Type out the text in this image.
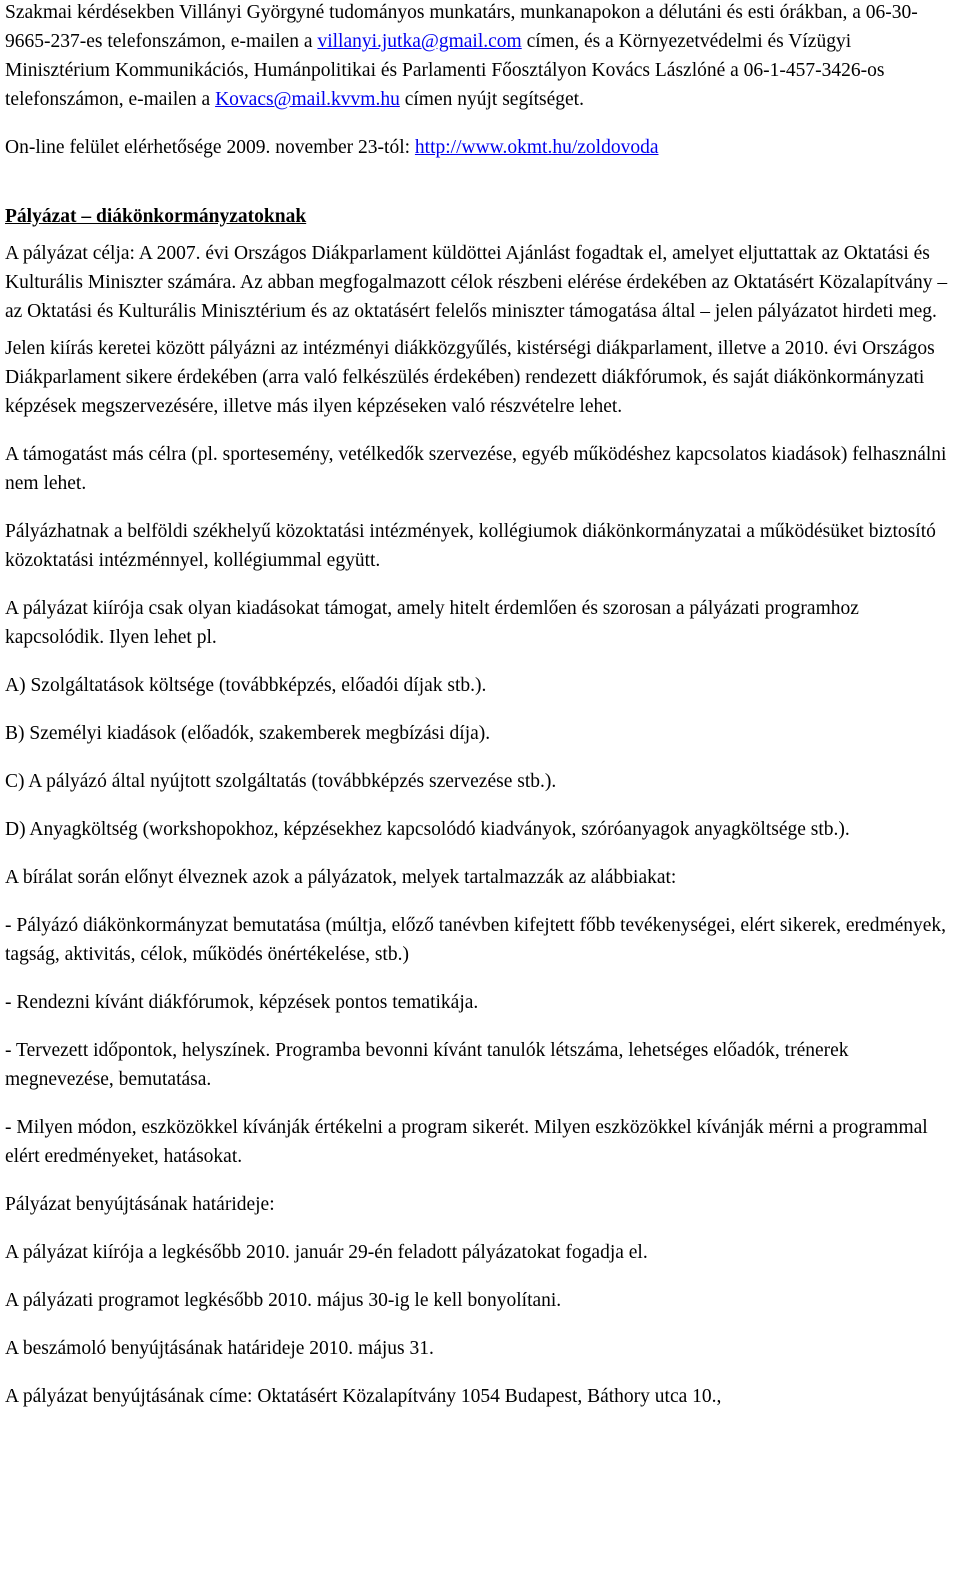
Szakmai kérdésekben Villányi Györgyné tudományos munkatárs, munkanapokon a délutáni és esti órákban, a 06-30-9665-237-es telefonszámon, e-mailen a villanyi.jutka@gmail.com címen, és a Környezetvédelmi és Vízügyi Minisztérium Kommunikációs, Humánpolitikai és Parlamenti Főosztályon Kovács Lászlóné a 06-1-457-3426-os telefonszámon, e-mailen a Kovacs@mail.kvvm.hu címen nyújt segítséget.

On-line felület elérhetősége 2009. november 23-tól: http://www.okmt.hu/zoldovoda

Pályázat – diákönkormányzatoknak

A pályázat célja: A 2007. évi Országos Diákparlament küldöttei Ajánlást fogadtak el, amelyet eljuttattak az Oktatási és Kulturális Miniszter számára. Az abban megfogalmazott célok részbeni elérése érdekében az Oktatásért Közalapítvány – az Oktatási és Kulturális Minisztérium és az oktatásért felelős miniszter támogatása által – jelen pályázatot hirdeti meg.

Jelen kiírás keretei között pályázni az intézményi diákközgyűlés, kistérségi diákparlament, illetve a 2010. évi Országos Diákparlament sikere érdekében (arra való felkészülés érdekében) rendezett diákfórumok, és saját diákönkormányzati képzések megszervezésére, illetve más ilyen képzéseken való részvételre lehet.

A támogatást más célra (pl. sportesemény, vetélkedők szervezése, egyéb működéshez kapcsolatos kiadások) felhasználni nem lehet.

Pályázhatnak a belföldi székhelyű közoktatási intézmények, kollégiumok diákönkormányzatai a működésüket biztosító közoktatási intézménnyel, kollégiummal együtt.

A pályázat kiírója csak olyan kiadásokat támogat, amely hitelt érdemlően és szorosan a pályázati programhoz kapcsolódik. Ilyen lehet pl.

A) Szolgáltatások költsége (továbbképzés, előadói díjak stb.).

B) Személyi kiadások (előadók, szakemberek megbízási díja).

C) A pályázó által nyújtott szolgáltatás (továbbképzés szervezése stb.).

D) Anyagköltség (workshopokhoz, képzésekhez kapcsolódó kiadványok, szóróanyagok anyagköltsége stb.).

A bírálat során előnyt élveznek azok a pályázatok, melyek tartalmazzák az alábbiakat:

- Pályázó diákönkormányzat bemutatása (múltja, előző tanévben kifejtett főbb tevékenységei, elért sikerek, eredmények, tagság, aktivitás, célok, működés önértékelése, stb.)

- Rendezni kívánt diákfórumok, képzések pontos tematikája.

- Tervezett időpontok, helyszínek. Programba bevonni kívánt tanulók létszáma, lehetséges előadók, trénerek megnevezése, bemutatása.

- Milyen módon, eszközökkel kívánják értékelni a program sikerét. Milyen eszközökkel kívánják mérni a programmal elért eredményeket, hatásokat.

Pályázat benyújtásának határideje:

A pályázat kiírója a legkésőbb 2010. január 29-én feladott pályázatokat fogadja el.

A pályázati programot legkésőbb 2010. május 30-ig le kell bonyolítani.

A beszámoló benyújtásának határideje 2010. május 31.

A pályázat benyújtásának címe: Oktatásért Közalapítvány 1054 Budapest, Báthory utca 10.,
